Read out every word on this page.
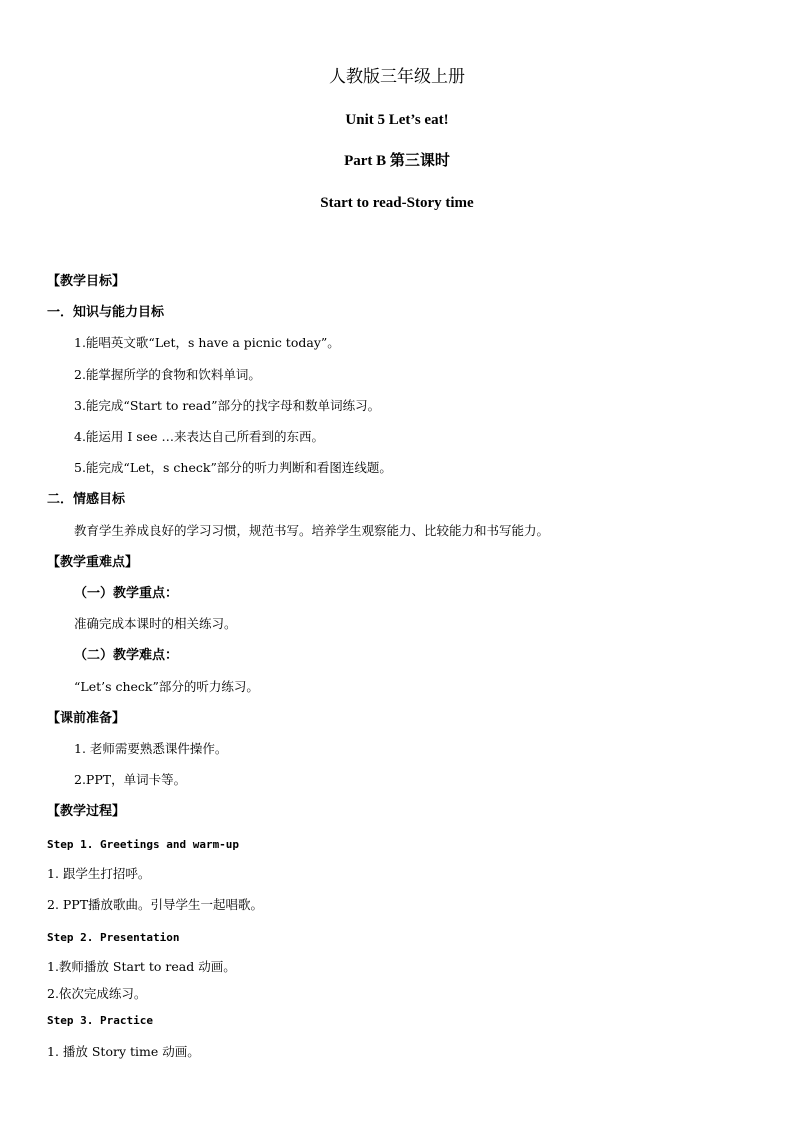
人教版三年级上册
Unit 5 Let’s eat!
Part B 第三课时
Start to read-Story time
【教学目标】
一．知识与能力目标
1.能唱英文歌“Let，s have a picnic today”。
2.能掌握所学的食物和饮料单词。
3.能完成“Start to read”部分的找字母和数单词练习。
4.能运用 I see …来表达自己所看到的东西。
5.能完成“Let，s check”部分的听力判断和看图连线题。
二．情感目标
教育学生养成良好的学习习惯，规范书写。培养学生观察能力、比较能力和书写能力。
【教学重难点】
（一）教学重点：
准确完成本课时的相关练习。
（二）教学难点：
“Let’s check”部分的听力练习。
【课前准备】
1. 老师需要熟悉课件操作。
2.PPT，单词卡等。
【教学过程】
Step 1. Greetings and warm-up
1. 跟学生打招呼。
2. PPT播放歌曲。引导学生一起唱歌。
Step 2. Presentation
1.教师播放 Start to read 动画。
2.依次完成练习。
Step 3. Practice
1. 播放 Story time 动画。
